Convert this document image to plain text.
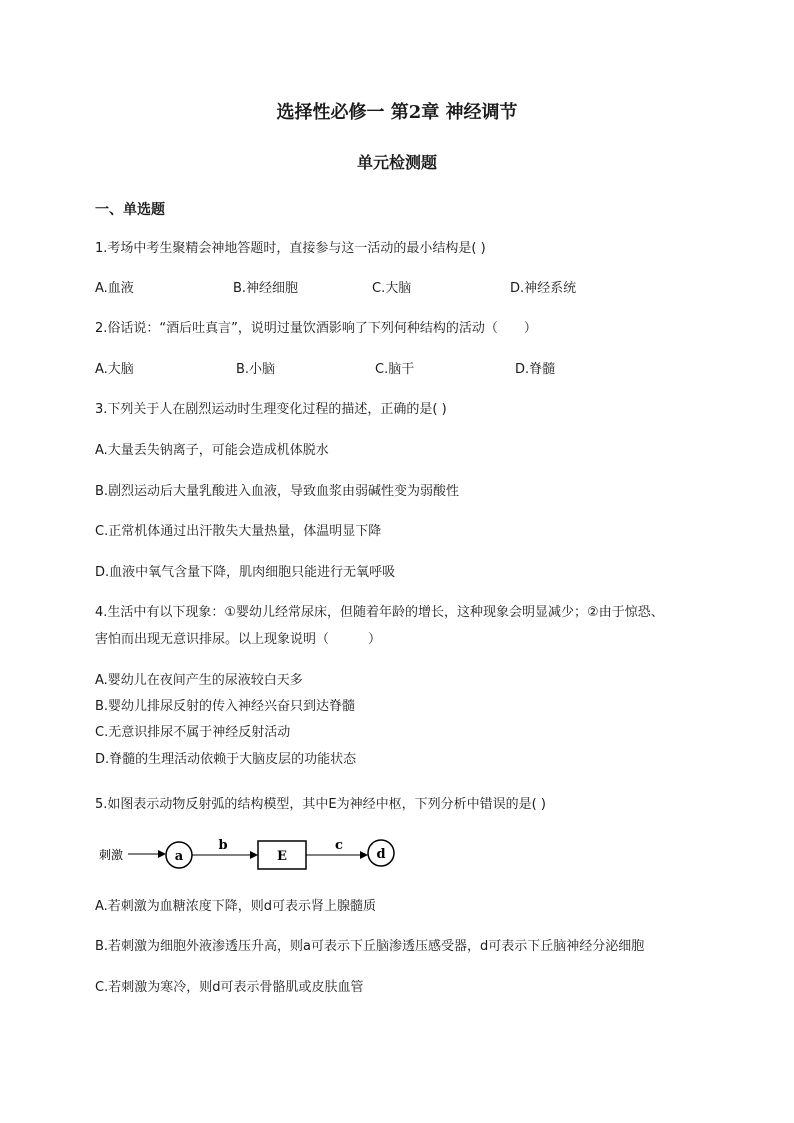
选择性必修一 第2章 神经调节
单元检测题
一、单选题
1.考场中考生聚精会神地答题时，直接参与这一活动的最小结构是( )
A.血液	B.神经细胞	C.大脑	D.神经系统
2.俗话说：“酒后吐真言”，说明过量饮酒影响了下列何种结构的活动（　　）
A.大脑	B.小脑	C.脑干	D.脊髓
3.下列关于人在剧烈运动时生理变化过程的描述，正确的是( )
A.大量丢失钠离子，可能会造成机体脱水
B.剧烈运动后大量乳酸进入血液，导致血浆由弱碱性变为弱酸性
C.正常机体通过出汗散失大量热量，体温明显下降
D.血液中氧气含量下降，肌肉细胞只能进行无氧呼吸
4.生活中有以下现象：①婴幼儿经常尿床，但随着年龄的增长，这种现象会明显减少；②由于惊恐、
害怕而出现无意识排尿。以上现象说明（　　　）
A.婴幼儿在夜间产生的尿液较白天多
B.婴幼儿排尿反射的传入神经兴奋只到达脊髓
C.无意识排尿不属于神经反射活动
D.脊髓的生理活动依赖于大脑皮层的功能状态
5.如图表示动物反射弧的结构模型，其中E为神经中枢，下列分析中错误的是( )
刺激	a
b
E
c
d
A.若刺激为血糖浓度下降，则d可表示肾上腺髓质
B.若刺激为细胞外液渗透压升高，则a可表示下丘脑渗透压感受器，d可表示下丘脑神经分泌细胞
C.若刺激为寒冷，则d可表示骨骼肌或皮肤血管
